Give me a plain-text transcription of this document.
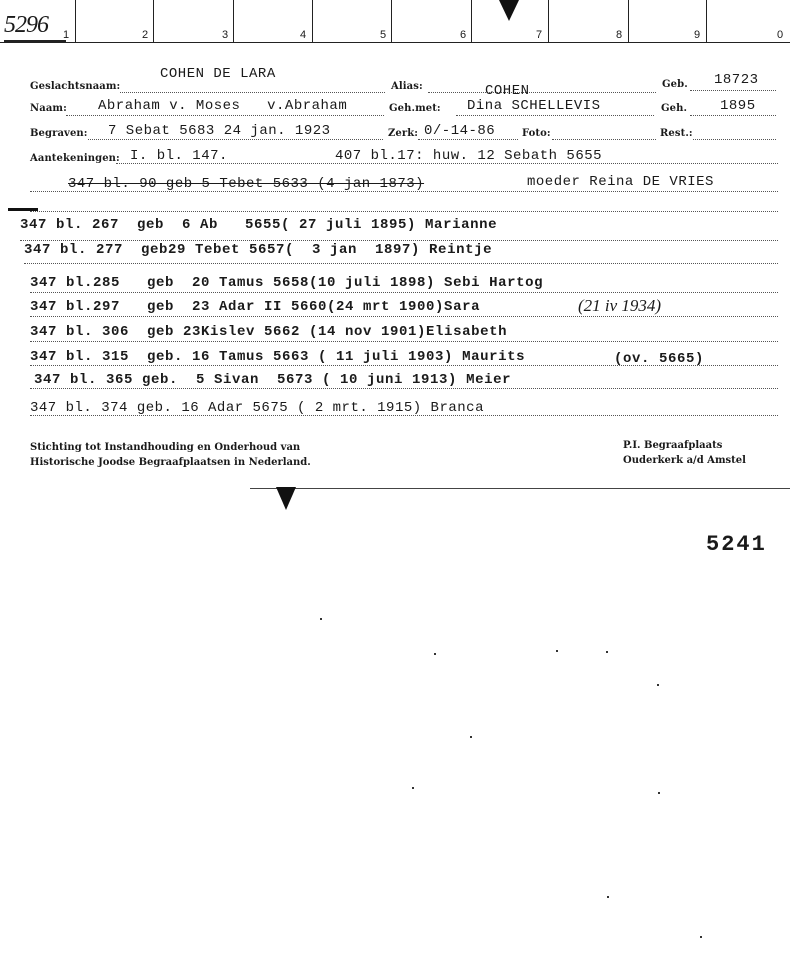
5296 1	2	3	4	5	6	7	8	9	0
Geslachtsnaam:
COHEN DE LARA
Alias:	COHEN	Geb. 18723
Naam: Abraham v. Moses   v.Abraham	Geh.met: Dina SCHELLEVIS	Geh. 1895
Begraven: 7 Sebat 5683 24 jan. 1923	Zerk: 0/-14-86	Foto:	Rest.:
Aantekeningen: I. bl. 147.	407 bl.17: huw. 12 Sebath 5655
347 bl. 90 geb 5 Tebet 5633 (4 jan 1873)	moeder Reina DE VRIES
347 bl. 267  geb  6 Ab   5655( 27 juli 1895) Marianne
347 bl. 277  geb29 Tebet 5657(  3 jan  1897) Reintje
347 bl.285   geb  20 Tamus 5658(10 juli 1898) Sebi Hartog
347 bl.297   geb  23 Adar II 5660(24 mrt 1900)Sara	(21 iv 1934)
347 bl. 306  geb 23Kislev 5662 (14 nov 1901)Elisabeth
347 bl. 315  geb. 16 Tamus 5663 ( 11 juli 1903) Maurits	(ov. 5665)
347 bl. 365 geb.  5 Sivan  5673 ( 10 juni 1913) Meier
347 bl. 374 geb. 16 Adar 5675 ( 2 mrt. 1915) Branca
Stichting tot Instandhouding en Onderhoud van
Historische Joodse Begraafplaatsen in Nederland.
P.I. Begraafplaats
Ouderkerk a/d Amstel
5241
